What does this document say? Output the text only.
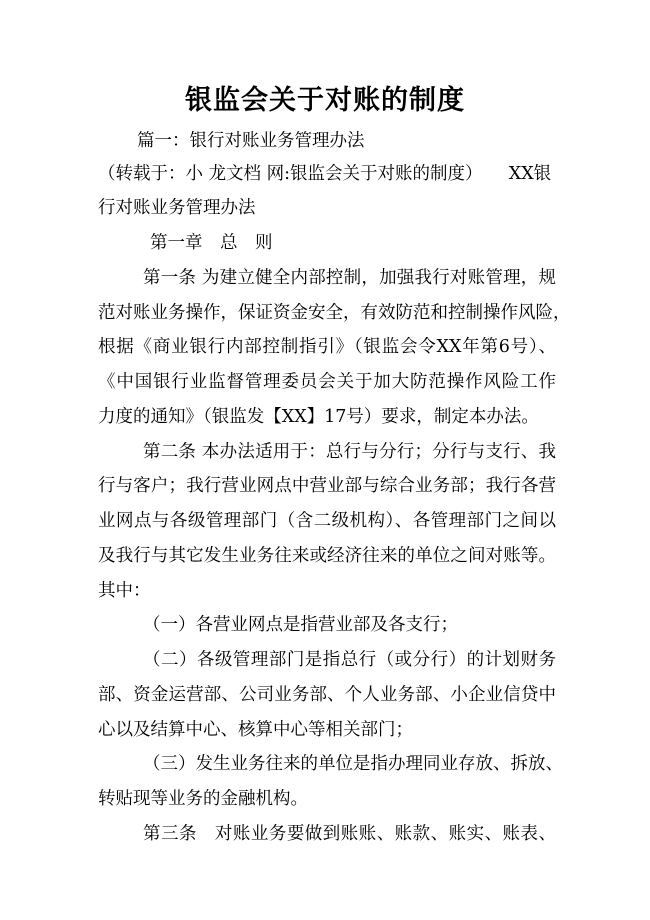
银监会关于对账的制度
篇一：银行对账业务管理办法
（转载于：小 龙文档 网:银监会关于对账的制度）　　XX银
行对账业务管理办法
第一章　总　则
第一条 为建立健全内部控制，加强我行对账管理，规
范对账业务操作，保证资金安全，有效防范和控制操作风险，
根据《商业银行内部控制指引》（银监会令XX年第6号）、
《中国银行业监督管理委员会关于加大防范操作风险工作
力度的通知》（银监发【XX】17号）要求，制定本办法。
第二条 本办法适用于：总行与分行；分行与支行、我
行与客户；我行营业网点中营业部与综合业务部；我行各营
业网点与各级管理部门（含二级机构）、各管理部门之间以
及我行与其它发生业务往来或经济往来的单位之间对账等。
其中：
（一）各营业网点是指营业部及各支行；
（二）各级管理部门是指总行（或分行）的计划财务
部、资金运营部、公司业务部、个人业务部、小企业信贷中
心以及结算中心、核算中心等相关部门；
（三）发生业务往来的单位是指办理同业存放、拆放、
转贴现等业务的金融机构。
第三条　对账业务要做到账账、账款、账实、账表、
